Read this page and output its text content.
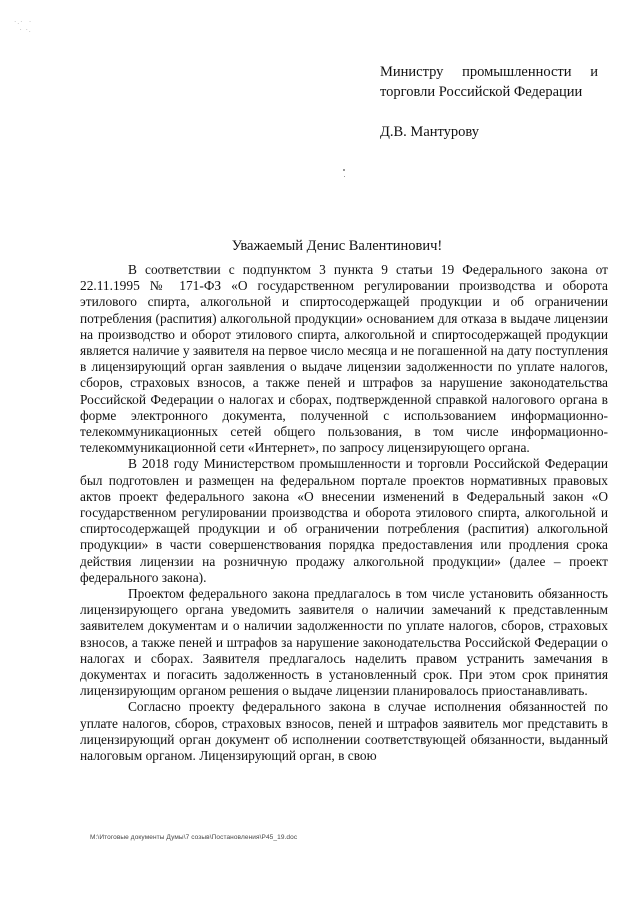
·.·  ·
· ·.
Министру промышленности и
торговли Российской Федерации
Д.В. Мантурову
Уважаемый Денис Валентинович!

В соответствии с подпунктом 3 пункта 9 статьи 19 Федерального закона от 22.11.1995 № 171-ФЗ «О государственном регулировании производства и оборота этилового спирта, алкогольной и спиртосодержащей продукции и об ограничении потребления (распития) алкогольной продукции» основанием для отказа в выдаче лицензии на производство и оборот этилового спирта, алкогольной и спиртосодержащей продукции является наличие у заявителя на первое число месяца и не погашенной на дату поступления в лицензирующий орган заявления о выдаче лицензии задолженности по уплате налогов, сборов, страховых взносов, а также пеней и штрафов за нарушение законодательства Российской Федерации о налогах и сборах, подтвержденной справкой налогового органа в форме электронного документа, полученной с использованием информационно-телекоммуникационных сетей общего пользования, в том числе информационно-телекоммуникационной сети «Интернет», по запросу лицензирующего органа.

В 2018 году Министерством промышленности и торговли Российской Федерации был подготовлен и размещен на федеральном портале проектов нормативных правовых актов проект федерального закона «О внесении изменений в Федеральный закон «О государственном регулировании производства и оборота этилового спирта, алкогольной и спиртосодержащей продукции и об ограничении потребления (распития) алкогольной продукции» в части совершенствования порядка предоставления или продления срока действия лицензии на розничную продажу алкогольной продукции» (далее – проект федерального закона).

Проектом федерального закона предлагалось в том числе установить обязанность лицензирующего органа уведомить заявителя о наличии замечаний к представленным заявителем документам и о наличии задолженности по уплате налогов, сборов, страховых взносов, а также пеней и штрафов за нарушение законодательства Российской Федерации о налогах и сборах. Заявителя предлагалось наделить правом устранить замечания в документах и погасить задолженность в установленный срок. При этом срок принятия лицензирующим органом решения о выдаче лицензии планировалось приостанавливать.

Согласно проекту федерального закона в случае исполнения обязанностей по уплате налогов, сборов, страховых взносов, пеней и штрафов заявитель мог представить в лицензирующий орган документ об исполнении соответствующей обязанности, выданный налоговым органом. Лицензирующий орган, в свою

M:\Итоговые документы Думы\7 созыв\Постановления\Р45_19.doc
